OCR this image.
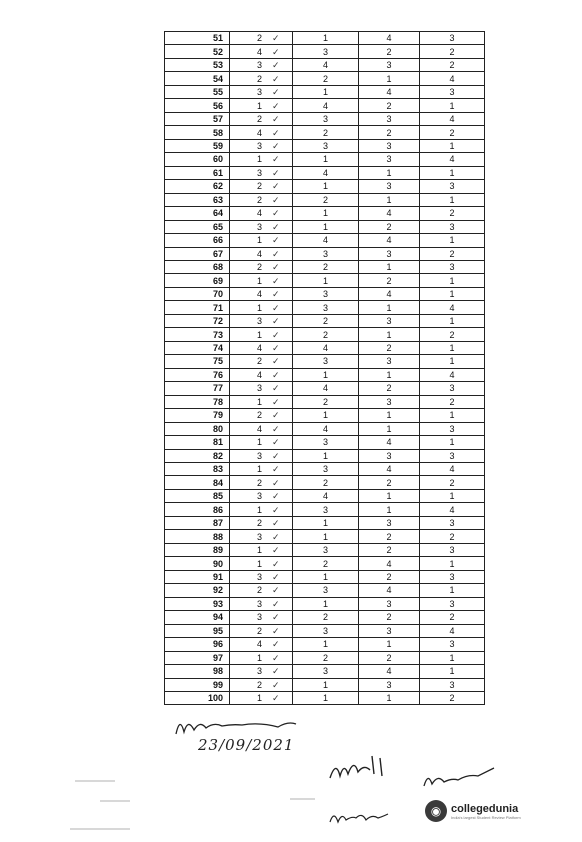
51	2 ✓	1	4	3
52	4 ✓	3	2	2
53	3 ✓	4	3	2
54	2 ✓	2	1	4
55	3 ✓	1	4	3
56	1 ✓	4	2	1
57	2 ✓	3	3	4
58	4 ✓	2	2	2
59	3 ✓	3	3	1
60	1 ✓	1	3	4
61	3 ✓	4	1	1
62	2 ✓	1	3	3
63	2 ✓	2	1	1
64	4 ✓	1	4	2
65	3 ✓	1	2	3
66	1 ✓	4	4	1
67	4 ✓	3	3	2
68	2 ✓	2	1	3
69	1 ✓	1	2	1
70	4 ✓	3	4	1
71	1 ✓	3	1	4
72	3 ✓	2	3	1
73	1 ✓	2	1	2
74	4 ✓	4	2	1
75	2 ✓	3	3	1
76	4 ✓	1	1	4
77	3 ✓	4	2	3
78	1 ✓	2	3	2
79	2 ✓	1	1	1
80	4 ✓	4	1	3
81	1 ✓	3	4	1
82	3 ✓	1	3	3
83	1 ✓	3	4	4
84	2 ✓	2	2	2
85	3 ✓	4	1	1
86	1 ✓	3	1	4
87	2 ✓	1	3	3
88	3 ✓	1	2	2
89	1 ✓	3	2	3
90	1 ✓	2	4	1
91	3 ✓	1	2	3
92	2 ✓	3	4	1
93	3 ✓	1	3	3
94	3 ✓	2	2	2
95	2 ✓	3	3	4
96	4 ✓	1	1	3
97	1 ✓	2	2	1
98	3 ✓	3	4	1
99	2 ✓	1	3	3
100	1 ✓	1	1	2
23/09/2021
◉ collegedunia
India's largest Student Review Platform
